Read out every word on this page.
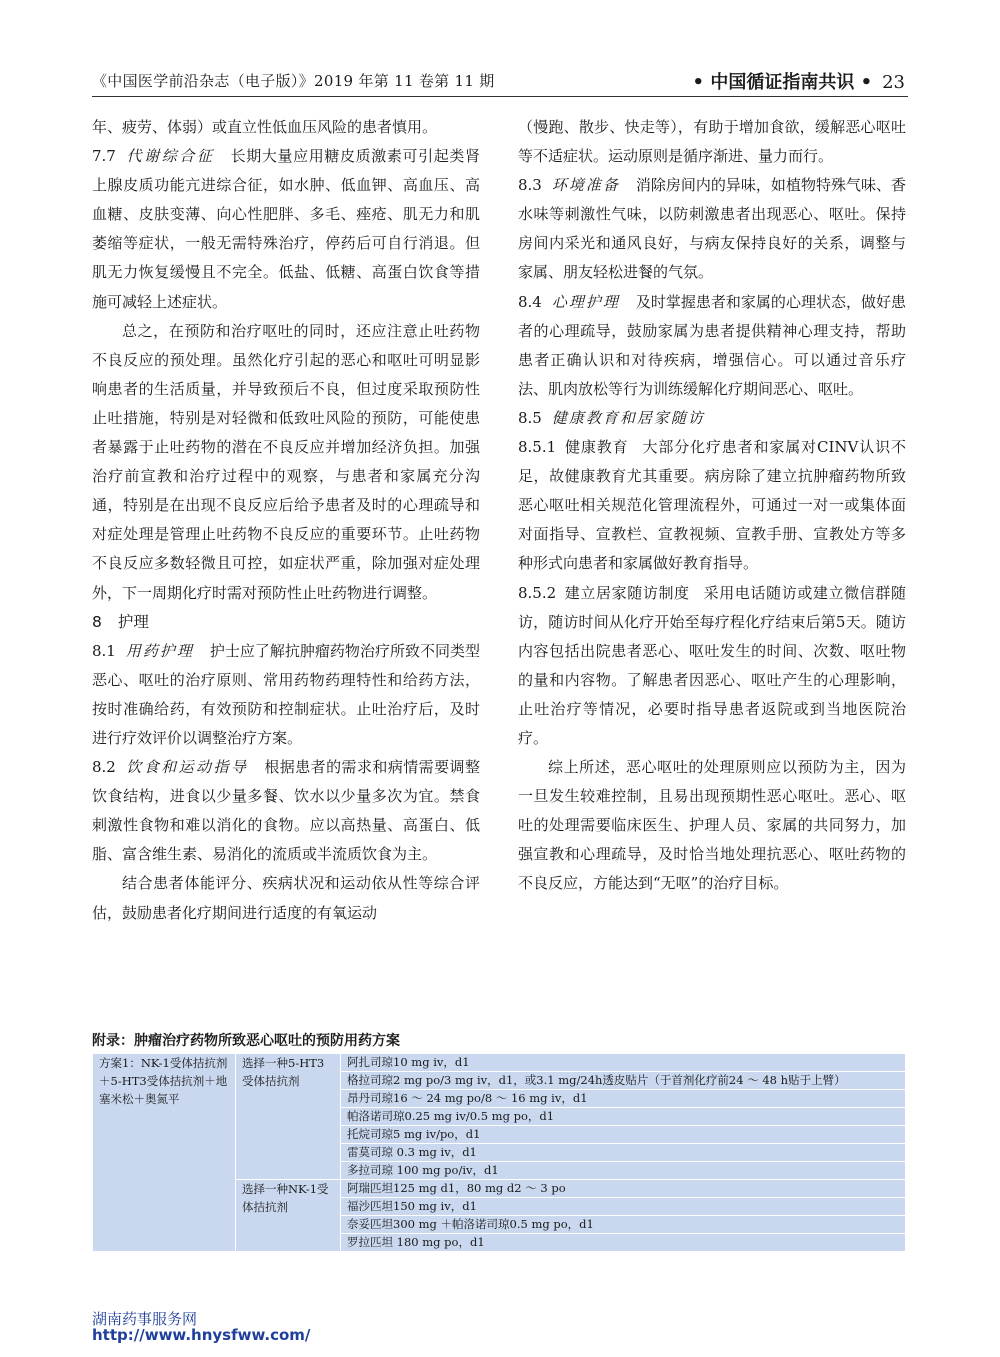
《中国医学前沿杂志（电子版）》2019 年第 11 卷第 11 期	• 中国循证指南共识 • 23

年、疲劳、体弱）或直立性低血压风险的患者慎用。

7.7 代谢综合征 长期大量应用糖皮质激素可引起类肾上腺皮质功能亢进综合征，如水肿、低血钾、高血压、高血糖、皮肤变薄、向心性肥胖、多毛、痤疮、肌无力和肌萎缩等症状，一般无需特殊治疗，停药后可自行消退。但肌无力恢复缓慢且不完全。低盐、低糖、高蛋白饮食等措施可减轻上述症状。

总之，在预防和治疗呕吐的同时，还应注意止吐药物不良反应的预处理。虽然化疗引起的恶心和呕吐可明显影响患者的生活质量，并导致预后不良，但过度采取预防性止吐措施，特别是对轻微和低致吐风险的预防，可能使患者暴露于止吐药物的潜在不良反应并增加经济负担。加强治疗前宣教和治疗过程中的观察，与患者和家属充分沟通，特别是在出现不良反应后给予患者及时的心理疏导和对症处理是管理止吐药物不良反应的重要环节。止吐药物不良反应多数轻微且可控，如症状严重，除加强对症处理外，下一周期化疗时需对预防性止吐药物进行调整。

8 护理

8.1 用药护理 护士应了解抗肿瘤药物治疗所致不同类型恶心、呕吐的治疗原则、常用药物药理特性和给药方法，按时准确给药，有效预防和控制症状。止吐治疗后，及时进行疗效评价以调整治疗方案。

8.2 饮食和运动指导 根据患者的需求和病情需要调整饮食结构，进食以少量多餐、饮水以少量多次为宜。禁食刺激性食物和难以消化的食物。应以高热量、高蛋白、低脂、富含维生素、易消化的流质或半流质饮食为主。

结合患者体能评分、疾病状况和运动依从性等综合评估，鼓励患者化疗期间进行适度的有氧运动

（慢跑、散步、快走等），有助于增加食欲，缓解恶心呕吐等不适症状。运动原则是循序渐进、量力而行。

8.3 环境准备 消除房间内的异味，如植物特殊气味、香水味等刺激性气味，以防刺激患者出现恶心、呕吐。保持房间内采光和通风良好，与病友保持良好的关系，调整与家属、朋友轻松进餐的气氛。

8.4 心理护理 及时掌握患者和家属的心理状态，做好患者的心理疏导，鼓励家属为患者提供精神心理支持，帮助患者正确认识和对待疾病，增强信心。可以通过音乐疗法、肌肉放松等行为训练缓解化疗期间恶心、呕吐。

8.5 健康教育和居家随访

8.5.1 健康教育 大部分化疗患者和家属对CINV认识不足，故健康教育尤其重要。病房除了建立抗肿瘤药物所致恶心呕吐相关规范化管理流程外，可通过一对一或集体面对面指导、宣教栏、宣教视频、宣教手册、宣教处方等多种形式向患者和家属做好教育指导。

8.5.2 建立居家随访制度 采用电话随访或建立微信群随访，随访时间从化疗开始至每疗程化疗结束后第5天。随访内容包括出院患者恶心、呕吐发生的时间、次数、呕吐物的量和内容物。了解患者因恶心、呕吐产生的心理影响，止吐治疗等情况，必要时指导患者返院或到当地医院治疗。

综上所述，恶心呕吐的处理原则应以预防为主，因为一旦发生较难控制，且易出现预期性恶心呕吐。恶心、呕吐的处理需要临床医生、护理人员、家属的共同努力，加强宣教和心理疏导，及时恰当地处理抗恶心、呕吐药物的不良反应，方能达到“无呕”的治疗目标。

附录：肿瘤治疗药物所致恶心呕吐的预防用药方案
方案1：NK-1受体拮抗剂＋5-HT3受体拮抗剂＋地塞米松＋奥氮平	选择一种5-HT3受体拮抗剂	阿扎司琼10 mg iv，d1
		格拉司琼2 mg po/3 mg iv，d1，或3.1 mg/24h透皮贴片（于首剂化疗前24 ～ 48 h贴于上臂）
		昂丹司琼16 ～ 24 mg po/8 ～ 16 mg iv，d1
		帕洛诺司琼0.25 mg iv/0.5 mg po，d1
		托烷司琼5 mg iv/po，d1
		雷莫司琼 0.3 mg iv，d1
		多拉司琼 100 mg po/iv，d1
	选择一种NK-1受体拮抗剂	阿瑞匹坦125 mg d1，80 mg d2 ～ 3 po
		福沙匹坦150 mg iv，d1
		奈妥匹坦300 mg ＋帕洛诺司琼0.5 mg po，d1
		罗拉匹坦 180 mg po，d1
湖南药事服务网
http://www.hnysfww.com/
